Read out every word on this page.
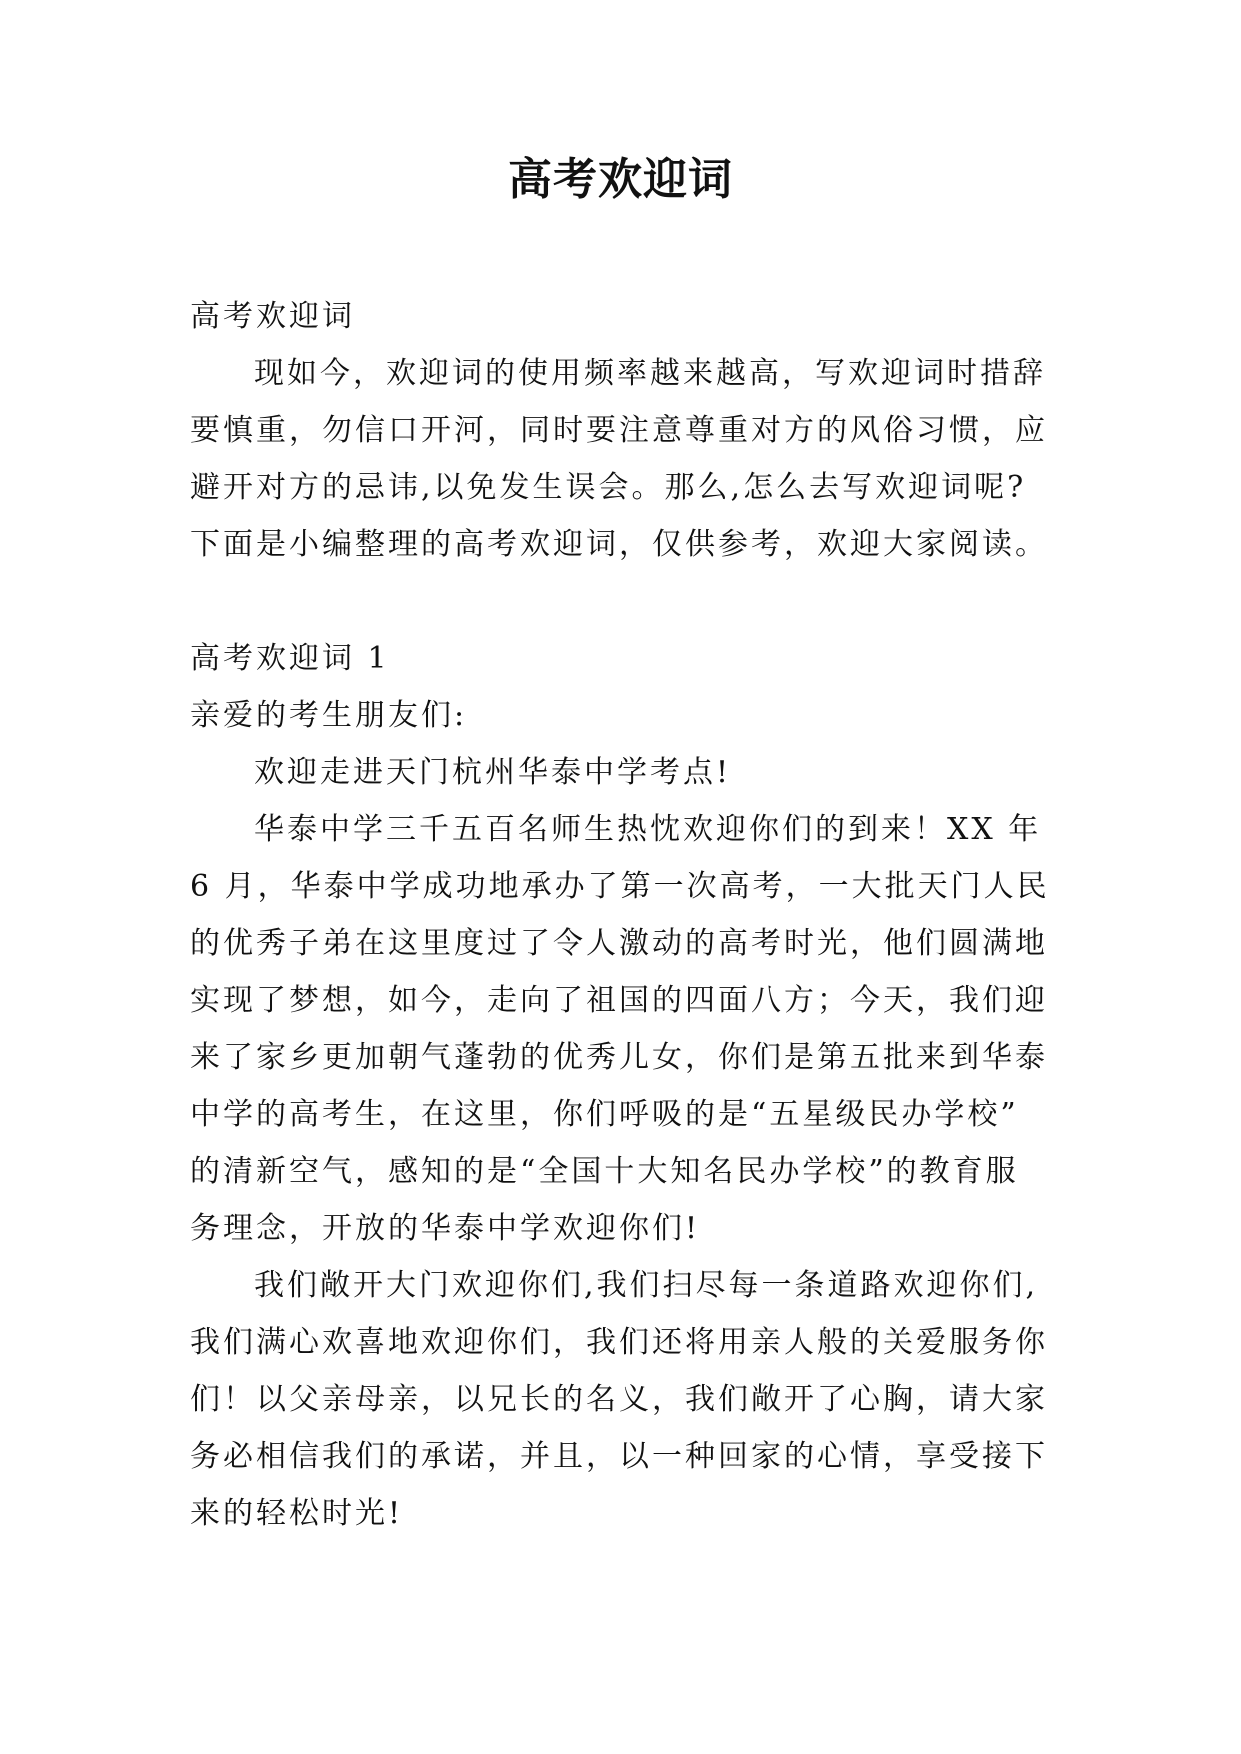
高考欢迎词
高考欢迎词
现如今，欢迎词的使用频率越来越高，写欢迎词时措辞
要慎重，勿信口开河，同时要注意尊重对方的风俗习惯，应
避开对方的忌讳,以免发生误会。那么,怎么去写欢迎词呢?
下面是小编整理的高考欢迎词，仅供参考，欢迎大家阅读。
高考欢迎词 1
亲爱的考生朋友们:
欢迎走进天门杭州华泰中学考点!
华泰中学三千五百名师生热忱欢迎你们的到来！XX 年
6 月，华泰中学成功地承办了第一次高考，一大批天门人民
的优秀子弟在这里度过了令人激动的高考时光，他们圆满地
实现了梦想，如今，走向了祖国的四面八方；今天，我们迎
来了家乡更加朝气蓬勃的优秀儿女，你们是第五批来到华泰
中学的高考生，在这里，你们呼吸的是“五星级民办学校”
的清新空气，感知的是“全国十大知名民办学校”的教育服
务理念，开放的华泰中学欢迎你们!
我们敞开大门欢迎你们,我们扫尽每一条道路欢迎你们,
我们满心欢喜地欢迎你们，我们还将用亲人般的关爱服务你
们！以父亲母亲，以兄长的名义，我们敞开了心胸，请大家
务必相信我们的承诺，并且，以一种回家的心情，享受接下
来的轻松时光!
